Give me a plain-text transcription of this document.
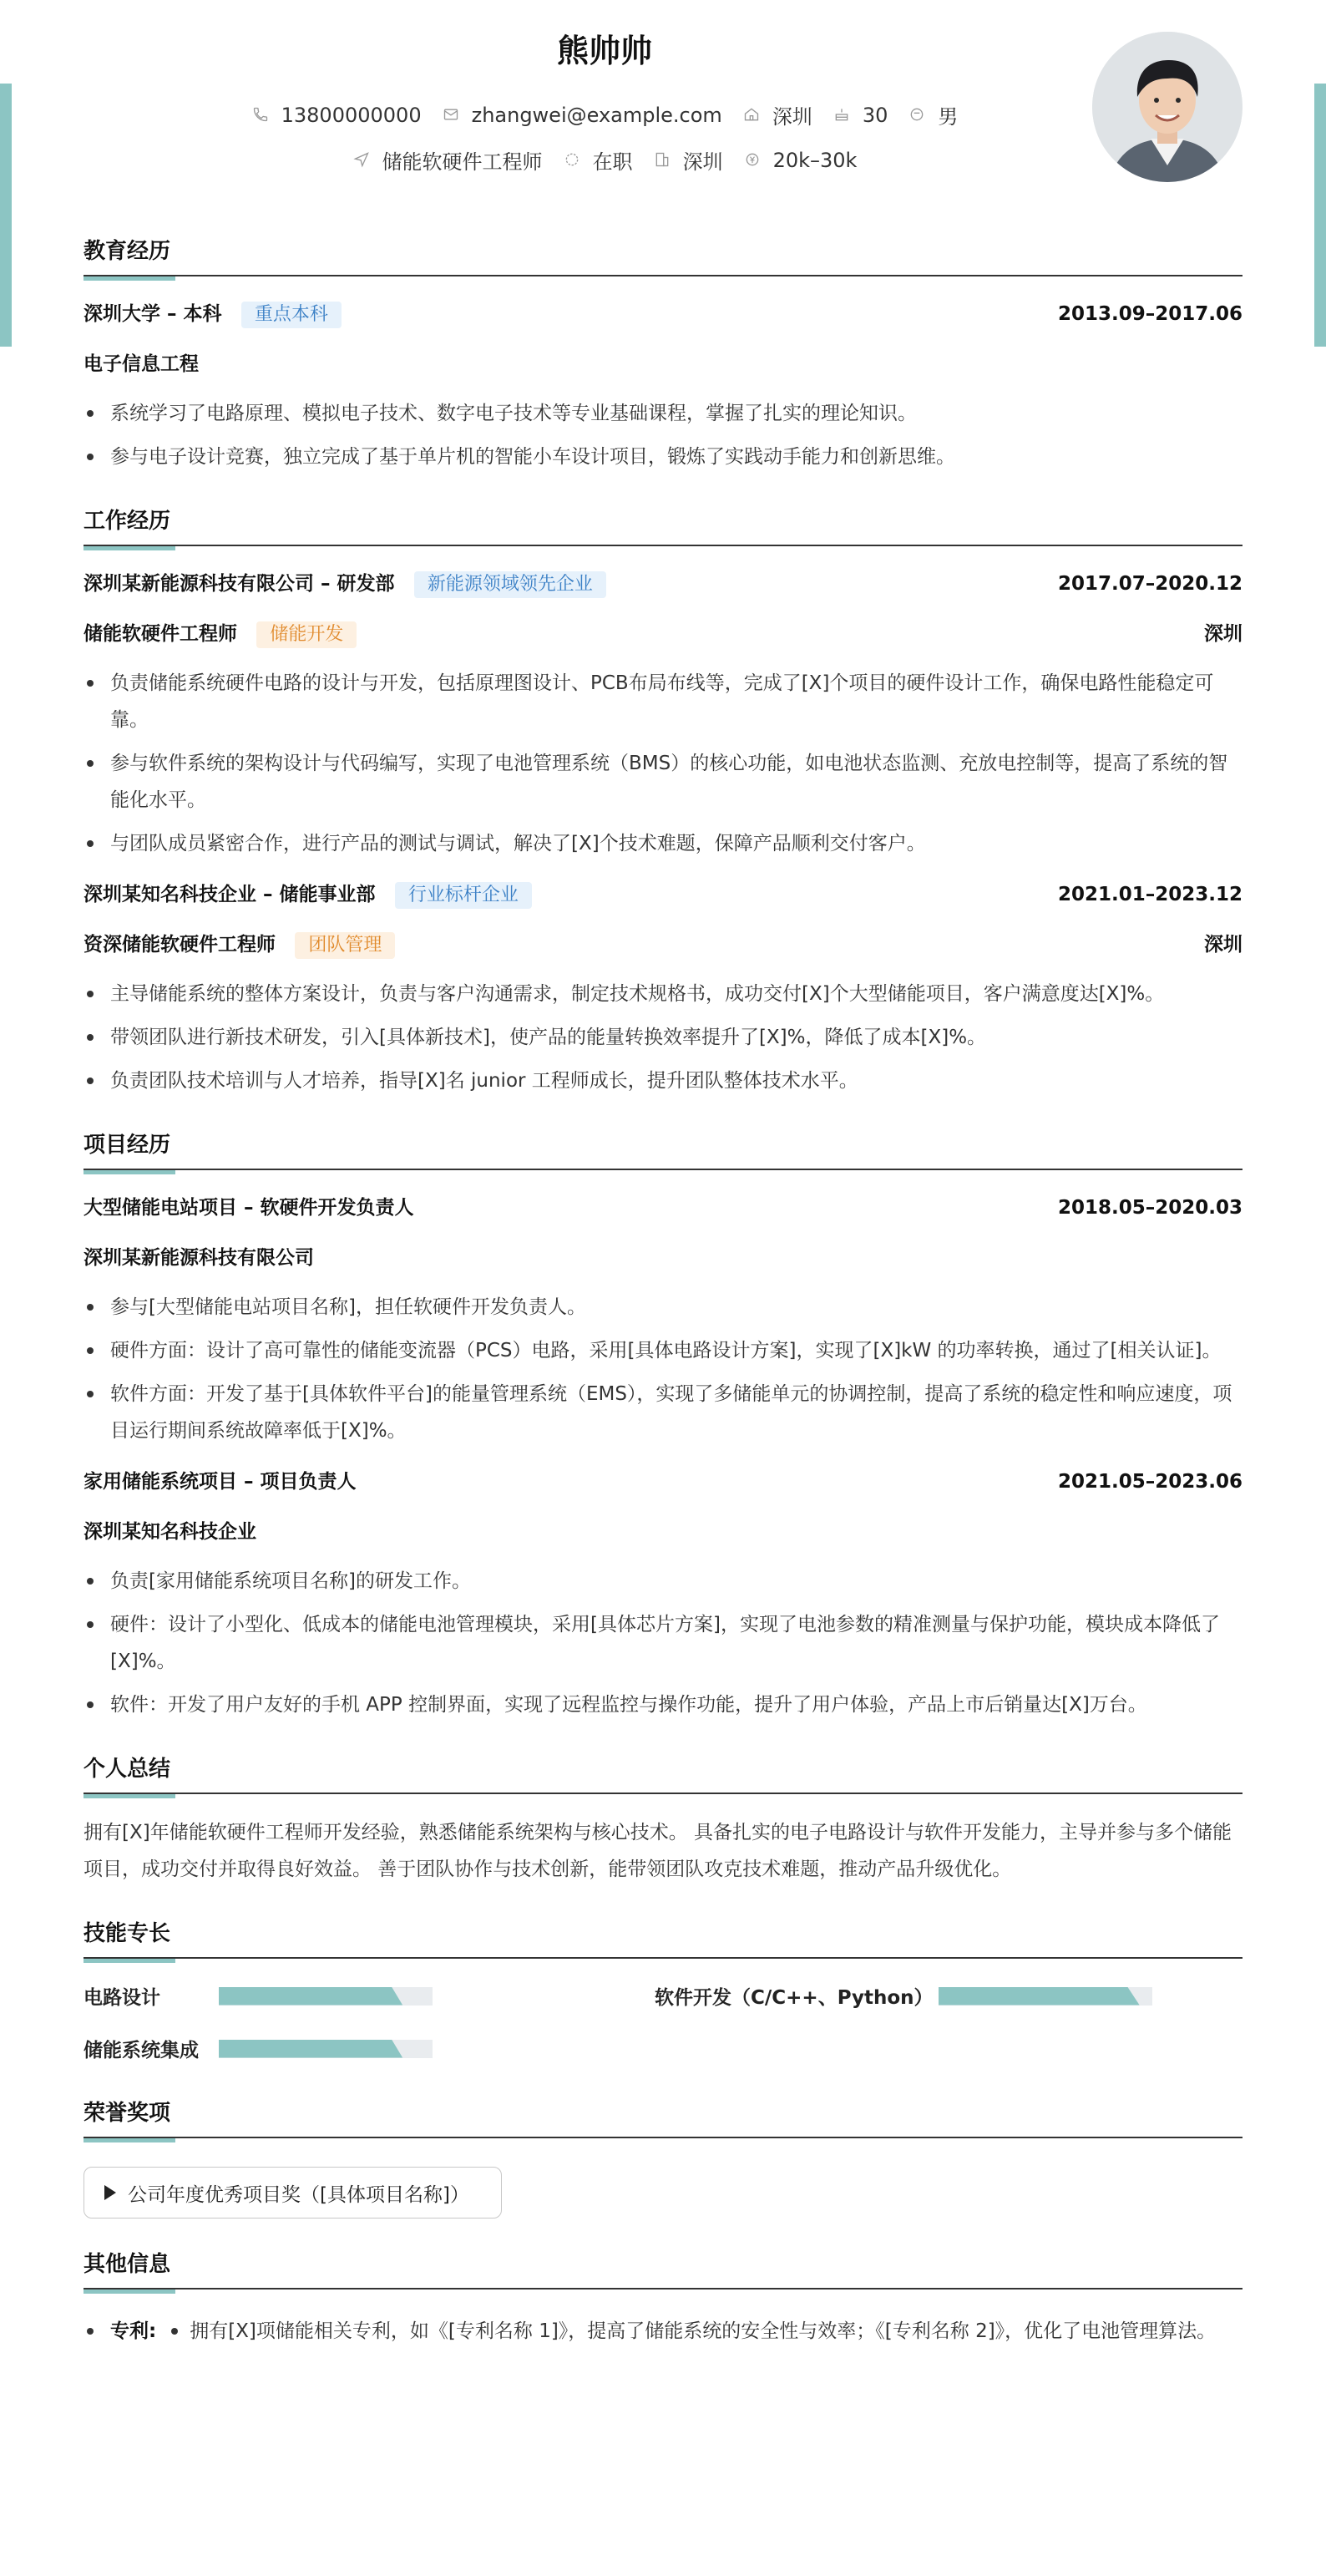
熊帅帅
13800000000	zhangwei@example.com	深圳	30	男
储能软硬件工程师	在职	深圳	20k–30k
教育经历
深圳大学 – 本科 重点本科	2013.09–2017.06
电子信息工程
系统学习了电路原理、模拟电子技术、数字电子技术等专业基础课程，掌握了扎实的理论知识。
参与电子设计竞赛，独立完成了基于单片机的智能小车设计项目，锻炼了实践动手能力和创新思维。
工作经历
深圳某新能源科技有限公司 – 研发部 新能源领域领先企业	2017.07–2020.12
储能软硬件工程师 储能开发	深圳
负责储能系统硬件电路的设计与开发，包括原理图设计、PCB布局布线等，完成了[X]个项目的硬件设计工作，确保电路性能稳定可靠。
参与软件系统的架构设计与代码编写，实现了电池管理系统（BMS）的核心功能，如电池状态监测、充放电控制等，提高了系统的智能化水平。
与团队成员紧密合作，进行产品的测试与调试，解决了[X]个技术难题，保障产品顺利交付客户。
深圳某知名科技企业 – 储能事业部 行业标杆企业	2021.01–2023.12
资深储能软硬件工程师 团队管理	深圳
主导储能系统的整体方案设计，负责与客户沟通需求，制定技术规格书，成功交付[X]个大型储能项目，客户满意度达[X]%。
带领团队进行新技术研发，引入[具体新技术]，使产品的能量转换效率提升了[X]%，降低了成本[X]%。
负责团队技术培训与人才培养，指导[X]名 junior 工程师成长，提升团队整体技术水平。
项目经历
大型储能电站项目 – 软硬件开发负责人	2018.05–2020.03
深圳某新能源科技有限公司
参与[大型储能电站项目名称]，担任软硬件开发负责人。
硬件方面：设计了高可靠性的储能变流器（PCS）电路，采用[具体电路设计方案]，实现了[X]kW 的功率转换，通过了[相关认证]。
软件方面：开发了基于[具体软件平台]的能量管理系统（EMS），实现了多储能单元的协调控制，提高了系统的稳定性和响应速度，项目运行期间系统故障率低于[X]%。
家用储能系统项目 – 项目负责人	2021.05–2023.06
深圳某知名科技企业
负责[家用储能系统项目名称]的研发工作。
硬件：设计了小型化、低成本的储能电池管理模块，采用[具体芯片方案]，实现了电池参数的精准测量与保护功能，模块成本降低了[X]%。
软件：开发了用户友好的手机 APP 控制界面，实现了远程监控与操作功能，提升了用户体验，产品上市后销量达[X]万台。
个人总结
拥有[X]年储能软硬件工程师开发经验，熟悉储能系统架构与核心技术。 具备扎实的电子电路设计与软件开发能力，主导并参与多个储能项目，成功交付并取得良好效益。 善于团队协作与技术创新，能带领团队攻克技术难题，推动产品升级优化。
技能专长
电路设计	软件开发（C/C++、Python）
储能系统集成
荣誉奖项
公司年度优秀项目奖（[具体项目名称]）
其他信息
专利:	拥有[X]项储能相关专利，如《[专利名称 1]》，提高了储能系统的安全性与效率；《[专利名称 2]》，优化了电池管理算法。
